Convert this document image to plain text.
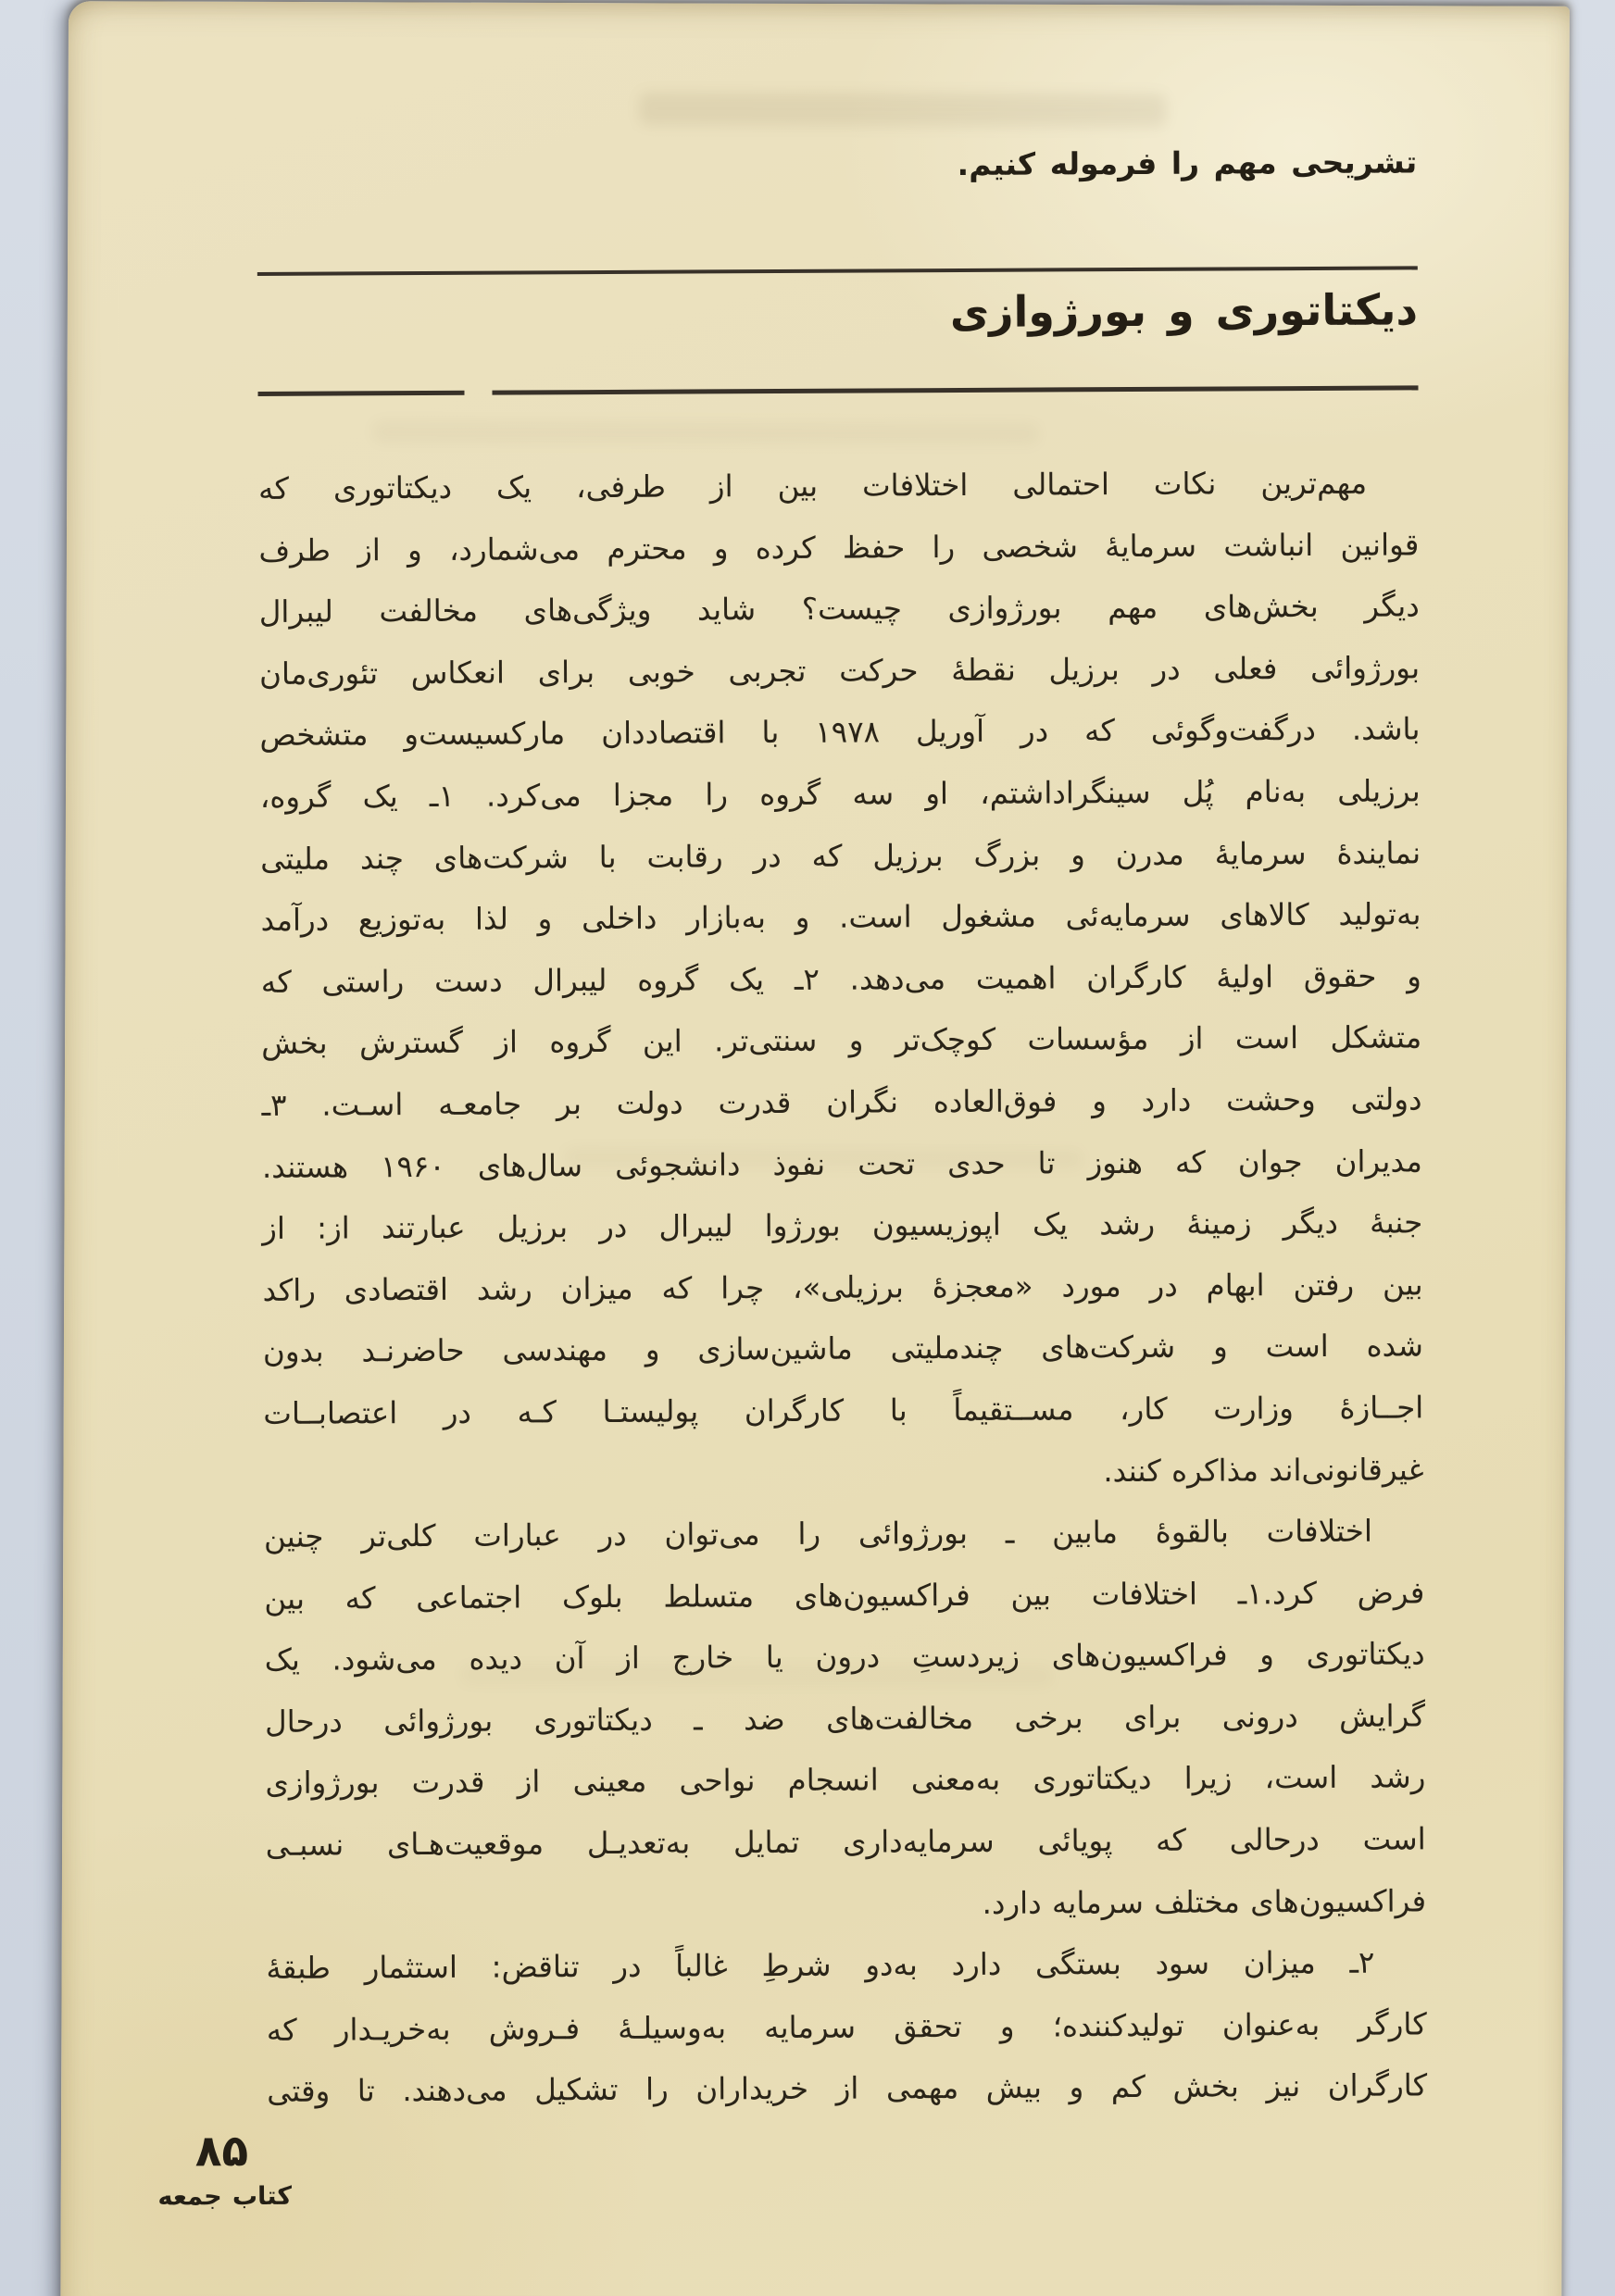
تشریحی مهم را فرموله کنیم.
دیکتاتوری و بورژوازی
مهم‌ترین نکات احتمالی اختلافات بین از طرفی، یک دیکتاتوری که
قوانین انباشت سرمایهٔ شخصی را حفظ کرده و محترم می‌شمارد، و از طرف
دیگر بخش‌های مهم بورژوازی چیست؟ شاید ویژگی‌های مخالفت لیبرال
بورژوائی فعلی در برزیل نقطهٔ حرکت تجربی خوبی برای انعکاس تئوری‌مان
باشد. درگفت‌وگوئی که در آوریل ۱۹۷۸ با اقتصاددان مارکسیست‌و متشخص
برزیلی به‌نام پُل سینگراداشتم، او سه گروه را مجزا می‌کرد. ۱ـ یک گروه،
نمایندهٔ سرمایهٔ مدرن و بزرگ برزیل که در رقابت با شرکت‌های چند ملیتی
به‌تولید کالاهای سرمایه‌ئی مشغول است. و به‌بازار داخلی و لذا به‌توزیع درآمد
و حقوق اولیهٔ کارگران اهمیت می‌دهد. ۲ـ یک گروه لیبرال دست راستی که
متشکل است از مؤسسات کوچک‌تر و سنتی‌تر. این گروه از گسترش بخش
دولتی وحشت دارد و فوق‌العاده نگران قدرت دولت بر جامعـه اسـت. ۳ـ
مدیران جوان که هنوز تا حدی تحت نفوذ دانشجوئی سال‌های ۱۹۶۰ هستند.
جنبهٔ دیگر زمینهٔ رشد یک اپوزیسیون بورژوا لیبرال در برزیل عبارتند از: از
بین رفتن ابهام در مورد «معجزهٔ برزیلی»، چرا که میزان رشد اقتصادی راکد
شده است و شرکت‌های چندملیتی ماشین‌سازی و مهندسی حاضرنـد بدون
اجــازهٔ وزارت کار، مســتقیماً با کارگران پولیستـا کـه در اعتصابــات
غیرقانونی‌اند مذاکره کنند.
اختلافات بالقوهٔ مابین ـ بورژوائی را می‌توان در عبارات کلی‌تر چنین
فرض کرد.۱ـ اختلافات بین فراکسیون‌های متسلط بلوک اجتماعی که بین
دیکتاتوری و فراکسیون‌های زیردستِ درون یا خارج از آن دیده می‌شود. یک
گرایش درونی برای برخی مخالفت‌های ضد ـ دیکتاتوری بورژوائی درحال
رشد است، زیرا دیکتاتوری به‌معنی انسجام نواحی معینی از قدرت بورژوازی
است درحالی که پویائی سرمایه‌داری تمایل به‌تعدیـل موقعیت‌هـای نسبـی
فراکسیون‌های مختلف سرمایه دارد.
۲ـ میزان سود بستگی دارد به‌دو شرطِ غالباً در تناقض: استثمار طبقهٔ
کارگر به‌عنوان تولیدکننده؛ و تحقق سرمایه به‌وسیلـهٔ فـروش به‌خریـدار که
کارگران نیز بخش کم و بیش مهمی از خریداران را تشکیل می‌دهند. تا وقتی
۸۵
کتاب جمعه
